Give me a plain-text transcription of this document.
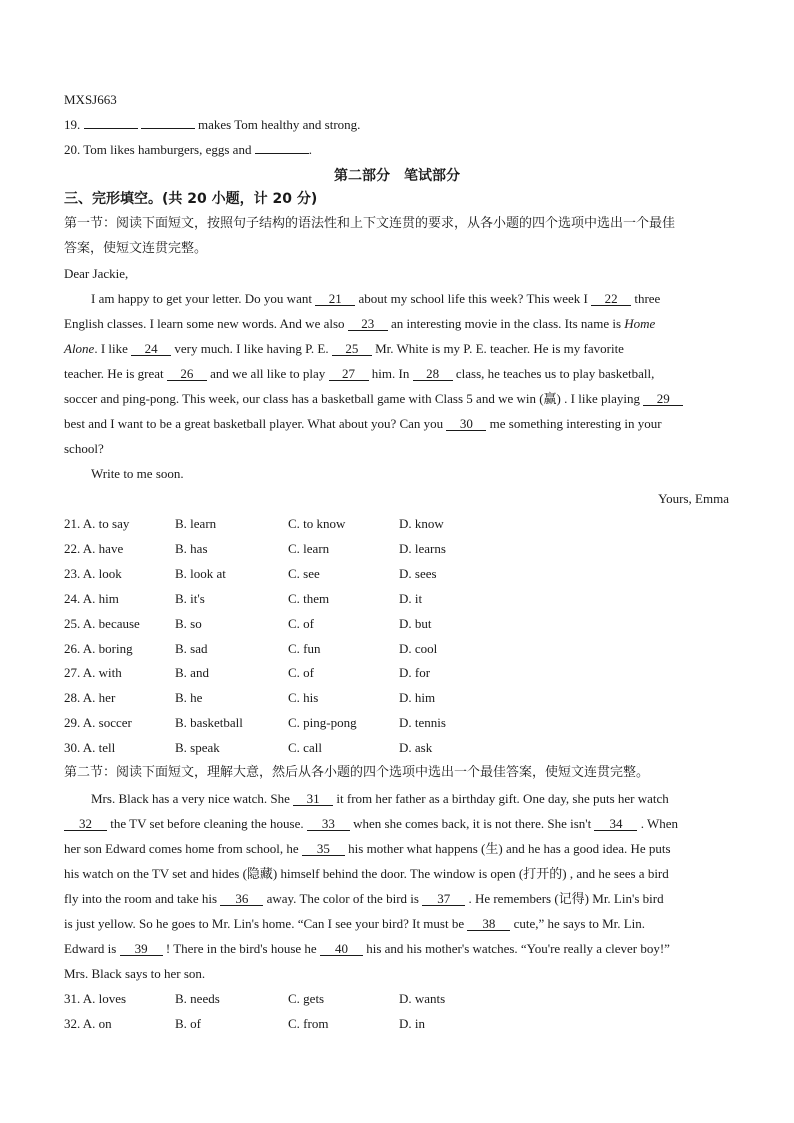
MXSJ663
19.	makes Tom healthy and strong.
20. Tom likes hamburgers, eggs and	.
第二部分　笔试部分
三、完形填空。(共 20 小题，计 20 分)
第一节：阅读下面短文，按照句子结构的语法性和上下文连贯的要求，从各小题的四个选项中选出一个最佳
答案，使短文连贯完整。
Dear Jackie,
I am happy to get your letter. Do you want 21 about my school life this week? This week I 22 three
English classes. I learn some new words. And we also 23 an interesting movie in the class. Its name is Home
Alone. I like 24 very much. I like having P. E. 25 Mr. White is my P. E. teacher. He is my favorite
teacher. He is great 26 and we all like to play 27 him. In 28 class, he teaches us to play basketball,
soccer and ping-pong. This week, our class has a basketball game with Class 5 and we win (赢) . I like playing 29
best and I want to be a great basketball player. What about you? Can you 30 me something interesting in your
school?
Write to me soon.
Yours, Emma
21. A. to say	B. learn	C. to know	D. know
22. A. have	B. has	C. learn	D. learns
23. A. look	B. look at	C. see	D. sees
24. A. him	B. it's	C. them	D. it
25. A. because	B. so	C. of	D. but
26. A. boring	B. sad	C. fun	D. cool
27. A. with	B. and	C. of	D. for
28. A. her	B. he	C. his	D. him
29. A. soccer	B. basketball	C. ping-pong	D. tennis
30. A. tell	B. speak	C. call	D. ask
第二节：阅读下面短文，理解大意，然后从各小题的四个选项中选出一个最佳答案，使短文连贯完整。
Mrs. Black has a very nice watch. She 31 it from her father as a birthday gift. One day, she puts her watch
32 the TV set before cleaning the house. 33 when she comes back, it is not there. She isn't 34 . When
her son Edward comes home from school, he 35 his mother what happens (生) and he has a good idea. He puts
his watch on the TV set and hides (隐藏) himself behind the door. The window is open (打开的) , and he sees a bird
fly into the room and take his 36 away. The color of the bird is 37 . He remembers (记得) Mr. Lin's bird
is just yellow. So he goes to Mr. Lin's home. “Can I see your bird? It must be 38 cute,” he says to Mr. Lin.
Edward is 39 ! There in the bird's house he 40 his and his mother's watches. “You're really a clever boy!”
Mrs. Black says to her son.
31. A. loves	B. needs	C. gets	D. wants
32. A. on	B. of	C. from	D. in
